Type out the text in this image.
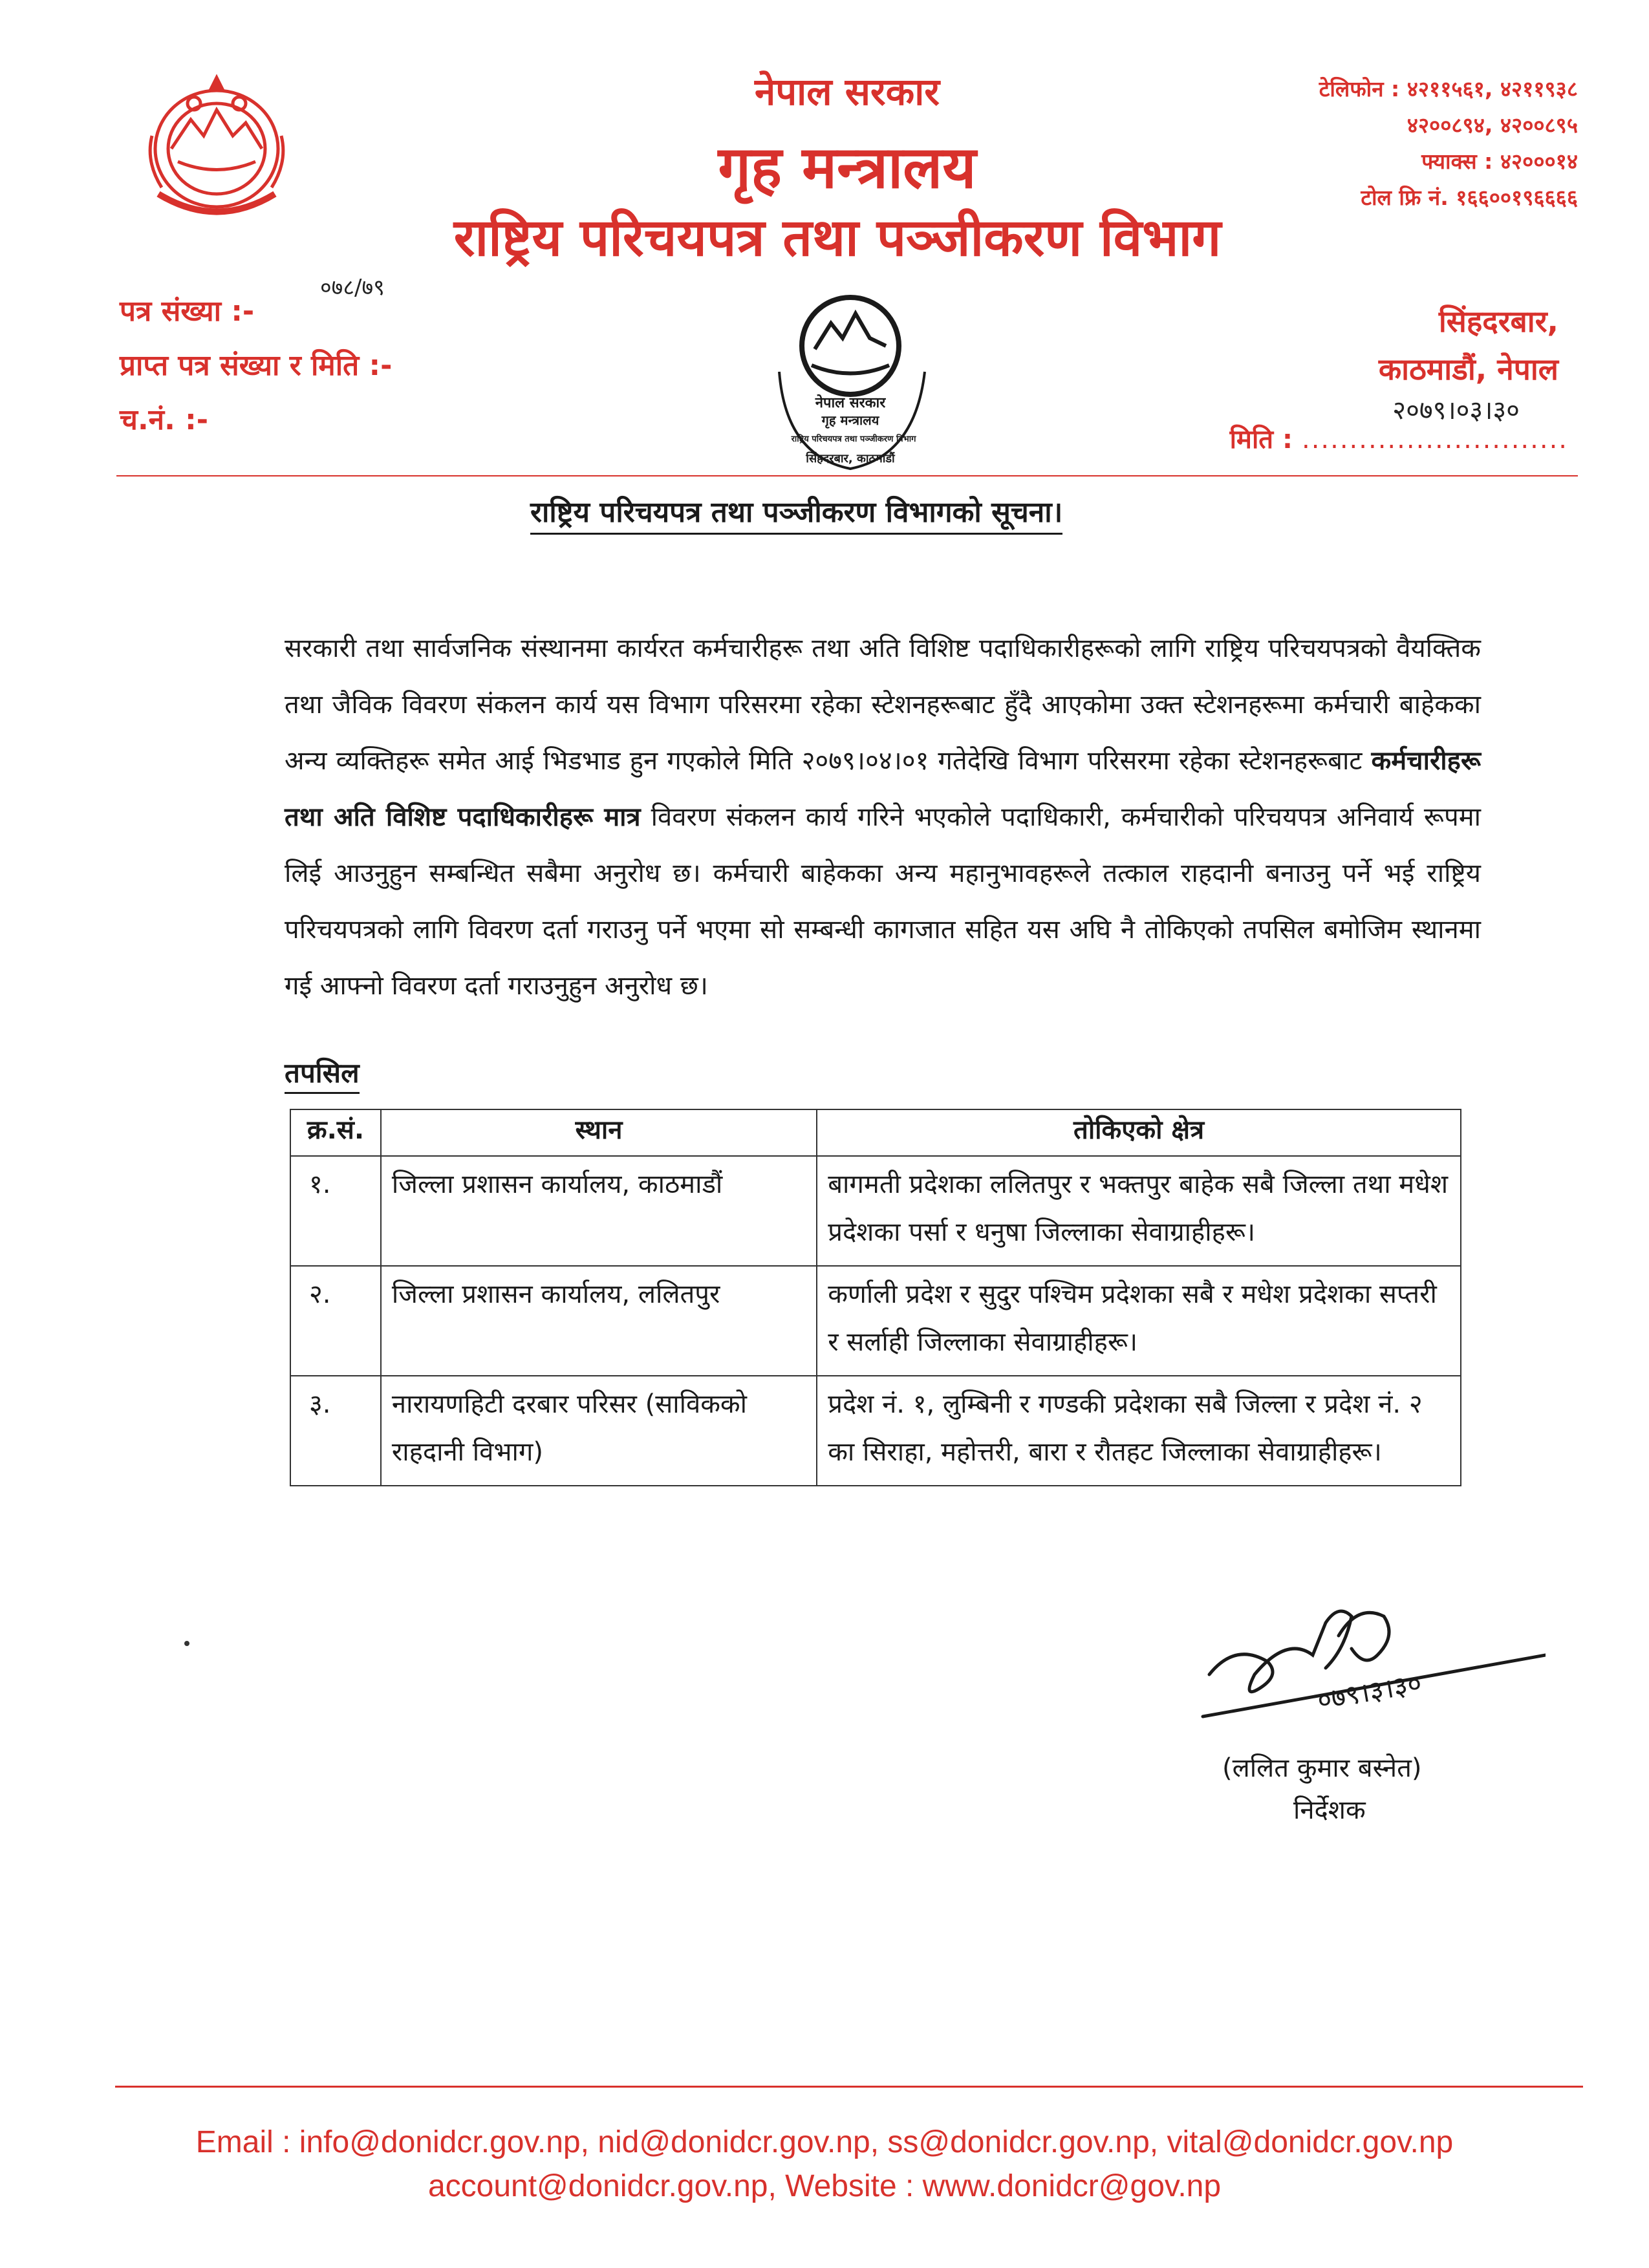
नेपाल सरकार
गृह मन्त्रालय
राष्ट्रिय परिचयपत्र तथा पञ्जीकरण विभाग
टेलिफोन : ४२११५६१, ४२११९३८
४२००८९४, ४२००८९५
फ्याक्स : ४२०००१४
टोल फ्रि नं. १६६००१९६६६६
पत्र संख्या :-
प्राप्त पत्र संख्या र मिति :-
च.नं. :-
०७८/७९
नेपाल सरकार
गृह मन्त्रालय
राष्ट्रिय परिचयपत्र तथा पञ्जीकरण विभाग
सिंहदरबार, काठमाडौं
सिंहदरबार,
काठमाडौं, नेपाल
२०७९।०३।३०
मिति : ............................
राष्ट्रिय परिचयपत्र तथा पञ्जीकरण विभागको सूचना।
सरकारी तथा सार्वजनिक संस्थानमा कार्यरत कर्मचारीहरू तथा अति विशिष्ट पदाधिकारीहरूको लागि राष्ट्रिय परिचयपत्रको वैयक्तिक तथा जैविक विवरण संकलन कार्य यस विभाग परिसरमा रहेका स्टेशनहरूबाट हुँदै आएकोमा उक्त स्टेशनहरूमा कर्मचारी बाहेकका अन्य व्यक्तिहरू समेत आई भिडभाड हुन गएकोले मिति २०७९।०४।०१ गतेदेखि विभाग परिसरमा रहेका स्टेशनहरूबाट कर्मचारीहरू तथा अति विशिष्ट पदाधिकारीहरू मात्र विवरण संकलन कार्य गरिने भएकोले पदाधिकारी, कर्मचारीको परिचयपत्र अनिवार्य रूपमा लिई आउनुहुन सम्बन्धित सबैमा अनुरोध छ। कर्मचारी बाहेकका अन्य महानुभावहरूले तत्काल राहदानी बनाउनु पर्ने भई राष्ट्रिय परिचयपत्रको लागि विवरण दर्ता गराउनु पर्ने भएमा सो सम्बन्धी कागजात सहित यस अघि नै तोकिएको तपसिल बमोजिम स्थानमा गई आफ्नो विवरण दर्ता गराउनुहुन अनुरोध छ।
तपसिल
क्र.सं.	स्थान	तोकिएको क्षेत्र
१.	जिल्ला प्रशासन कार्यालय, काठमाडौं	बागमती प्रदेशका ललितपुर र भक्तपुर बाहेक सबै जिल्ला तथा मधेश प्रदेशका पर्सा र धनुषा जिल्लाका सेवाग्राहीहरू।
२.	जिल्ला प्रशासन कार्यालय, ललितपुर	कर्णाली प्रदेश र सुदुर पश्चिम प्रदेशका सबै र मधेश प्रदेशका सप्तरी र सर्लाही जिल्लाका सेवाग्राहीहरू।
३.	नारायणहिटी दरबार परिसर (साविकको राहदानी विभाग)	प्रदेश नं. १, लुम्बिनी र गण्डकी प्रदेशका सबै जिल्ला र प्रदेश नं. २ का सिराहा, महोत्तरी, बारा र रौतहट जिल्लाका सेवाग्राहीहरू।
०७९।३।३०
(ललित कुमार बस्नेत)
निर्देशक
Email : info@donidcr.gov.np, nid@donidcr.gov.np, ss@donidcr.gov.np, vital@donidcr.gov.np
account@donidcr.gov.np, Website : www.donidcr@gov.np
